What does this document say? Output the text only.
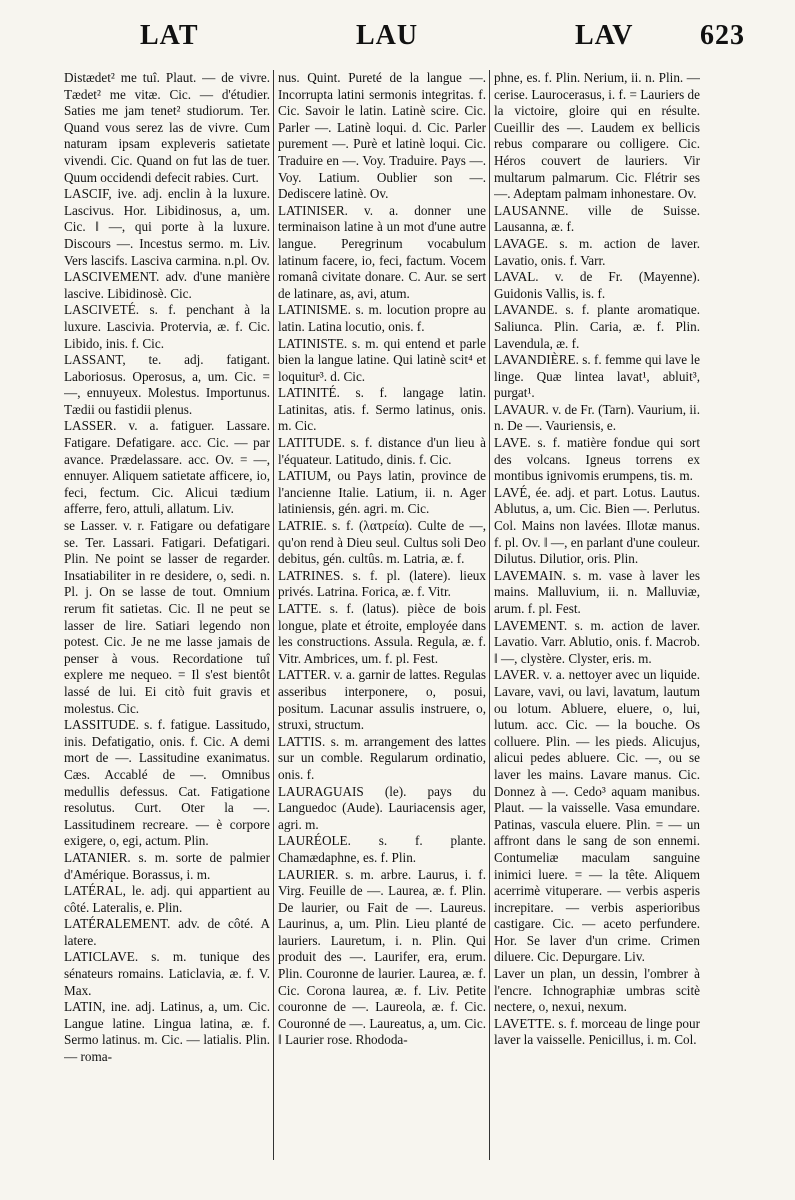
LAT	LAU	LAV 623

Distædet² me tuî. Plaut. — de vivre. Tædet² me vitæ. Cic. — d'étudier. Saties me jam tenet² studiorum. Ter. Quand vous serez las de vivre. Cum naturam ipsam expleveris satietate vivendi. Cic. Quand on fut las de tuer. Quum occidendi defecit rabies. Curt.

LASCIF, ive. adj. enclin à la luxure. Lascivus. Hor. Libidinosus, a, um. Cic. ‖ —, qui porte à la luxure. Discours —. Incestus sermo. m. Liv. Vers lascifs. Lasciva carmina. n.pl. Ov.

LASCIVEMENT. adv. d'une manière lascive. Libidinosè. Cic.

LASCIVETÉ. s. f. penchant à la luxure. Lascivia. Protervia, æ. f. Cic. Libido, inis. f. Cic.

LASSANT, te. adj. fatigant. Laboriosus. Operosus, a, um. Cic. = —, ennuyeux. Molestus. Importunus. Tædii ou fastidii plenus.

LASSER. v. a. fatiguer. Lassare. Fatigare. Defatigare. acc. Cic. — par avance. Prædelassare. acc. Ov. = —, ennuyer. Aliquem satietate afficere, io, feci, fectum. Cic. Alicui tædium afferre, fero, attuli, allatum. Liv.

se Lasser. v. r. Fatigare ou defatigare se. Ter. Lassari. Fatigari. Defatigari. Plin. Ne point se lasser de regarder. Insatiabiliter in re desidere, o, sedi. n. Pl. j. On se lasse de tout. Omnium rerum fit satietas. Cic. Il ne peut se lasser de lire. Satiari legendo non potest. Cic. Je ne me lasse jamais de penser à vous. Recordatione tuî explere me nequeo. = Il s'est bientôt lassé de lui. Ei citò fuit gravis et molestus. Cic.

LASSITUDE. s. f. fatigue. Lassitudo, inis. Defatigatio, onis. f. Cic. A demi mort de —. Lassitudine exanimatus. Cæs. Accablé de —. Omnibus medullis defessus. Cat. Fatigatione resolutus. Curt. Oter la —. Lassitudinem recreare. — è corpore exigere, o, egi, actum. Plin.

LATANIER. s. m. sorte de palmier d'Amérique. Borassus, i. m.

LATÉRAL, le. adj. qui appartient au côté. Lateralis, e. Plin.

LATÉRALEMENT. adv. de côté. A latere.

LATICLAVE. s. m. tunique des sénateurs romains. Laticlavia, æ. f. V. Max.

LATIN, ine. adj. Latinus, a, um. Cic. Langue latine. Lingua latina, æ. f. Sermo latinus. m. Cic. — latialis. Plin. — roma-

nus. Quint. Pureté de la langue —. Incorrupta latini sermonis integritas. f. Cic. Savoir le latin. Latinè scire. Cic. Parler —. Latinè loqui. d. Cic. Parler purement —. Purè et latinè loqui. Cic. Traduire en —. Voy. Traduire. Pays —. Voy. Latium. Oublier son —. Dediscere latinè. Ov.

LATINISER. v. a. donner une terminaison latine à un mot d'une autre langue. Peregrinum vocabulum latinum facere, io, feci, factum. Vocem romanâ civitate donare. C. Aur. se sert de latinare, as, avi, atum.

LATINISME. s. m. locution propre au latin. Latina locutio, onis. f.

LATINISTE. s. m. qui entend et parle bien la langue latine. Qui latinè scit⁴ et loquitur³. d. Cic.

LATINITÉ. s. f. langage latin. Latinitas, atis. f. Sermo latinus, onis. m. Cic.

LATITUDE. s. f. distance d'un lieu à l'équateur. Latitudo, dinis. f. Cic.

LATIUM, ou Pays latin, province de l'ancienne Italie. Latium, ii. n. Ager latiniensis, gén. agri. m. Cic.

LATRIE. s. f. (λατρεία). Culte de —, qu'on rend à Dieu seul. Cultus soli Deo debitus, gén. cultûs. m. Latria, æ. f.

LATRINES. s. f. pl. (latere). lieux privés. Latrina. Forica, æ. f. Vitr.

LATTE. s. f. (latus). pièce de bois longue, plate et étroite, employée dans les constructions. Assula. Regula, æ. f. Vitr. Ambrices, um. f. pl. Fest.

LATTER. v. a. garnir de lattes. Regulas asseribus interponere, o, posui, positum. Lacunar assulis instruere, o, struxi, structum.

LATTIS. s. m. arrangement des lattes sur un comble. Regularum ordinatio, onis. f.

LAURAGUAIS (le). pays du Languedoc (Aude). Lauriacensis ager, agri. m.

LAURÉOLE. s. f. plante. Chamædaphne, es. f. Plin.

LAURIER. s. m. arbre. Laurus, i. f. Virg. Feuille de —. Laurea, æ. f. Plin. De laurier, ou Fait de —. Laureus. Laurinus, a, um. Plin. Lieu planté de lauriers. Lauretum, i. n. Plin. Qui produit des —. Laurifer, era, erum. Plin. Couronne de laurier. Laurea, æ. f. Cic. Corona laurea, æ. f. Liv. Petite couronne de —. Laureola, æ. f. Cic. Couronné de —. Laureatus, a, um. Cic. ‖ Laurier rose. Rhododa-

phne, es. f. Plin. Nerium, ii. n. Plin. — cerise. Laurocerasus, i. f. = Lauriers de la victoire, gloire qui en résulte. Cueillir des —. Laudem ex bellicis rebus comparare ou colligere. Cic. Héros couvert de lauriers. Vir multarum palmarum. Cic. Flétrir ses —. Adeptam palmam inhonestare. Ov.

LAUSANNE. ville de Suisse. Lausanna, æ. f.

LAVAGE. s. m. action de laver. Lavatio, onis. f. Varr.

LAVAL. v. de Fr. (Mayenne). Guidonis Vallis, is. f.

LAVANDE. s. f. plante aromatique. Saliunca. Plin. Caria, æ. f. Plin. Lavendula, æ. f.

LAVANDIÈRE. s. f. femme qui lave le linge. Quæ lintea lavat¹, abluit³, purgat¹.

LAVAUR. v. de Fr. (Tarn). Vaurium, ii. n. De —. Vauriensis, e.

LAVE. s. f. matière fondue qui sort des volcans. Igneus torrens ex montibus ignivomis erumpens, tis. m.

LAVÉ, ée. adj. et part. Lotus. Lautus. Ablutus, a, um. Cic. Bien —. Perlutus. Col. Mains non lavées. Illotæ manus. f. pl. Ov. ‖ —, en parlant d'une couleur. Dilutus. Dilutior, oris. Plin.

LAVEMAIN. s. m. vase à laver les mains. Malluvium, ii. n. Malluviæ, arum. f. pl. Fest.

LAVEMENT. s. m. action de laver. Lavatio. Varr. Ablutio, onis. f. Macrob. ‖ —, clystère. Clyster, eris. m.

LAVER. v. a. nettoyer avec un liquide. Lavare, vavi, ou lavi, lavatum, lautum ou lotum. Abluere, eluere, o, lui, lutum. acc. Cic. — la bouche. Os colluere. Plin. — les pieds. Alicujus, alicui pedes abluere. Cic. —, ou se laver les mains. Lavare manus. Cic. Donnez à —. Cedo³ aquam manibus. Plaut. — la vaisselle. Vasa emundare. Patinas, vascula eluere. Plin. = — un affront dans le sang de son ennemi. Contumeliæ maculam sanguine inimici luere. = — la tête. Aliquem acerrimè vituperare. — verbis asperis increpitare. — verbis asperioribus castigare. Cic. — aceto perfundere. Hor. Se laver d'un crime. Crimen diluere. Cic. Depurgare. Liv.

Laver un plan, un dessin, l'ombrer à l'encre. Ichnographiæ umbras scitè nectere, o, nexui, nexum.

LAVETTE. s. f. morceau de linge pour laver la vaisselle. Penicillus, i. m. Col.
